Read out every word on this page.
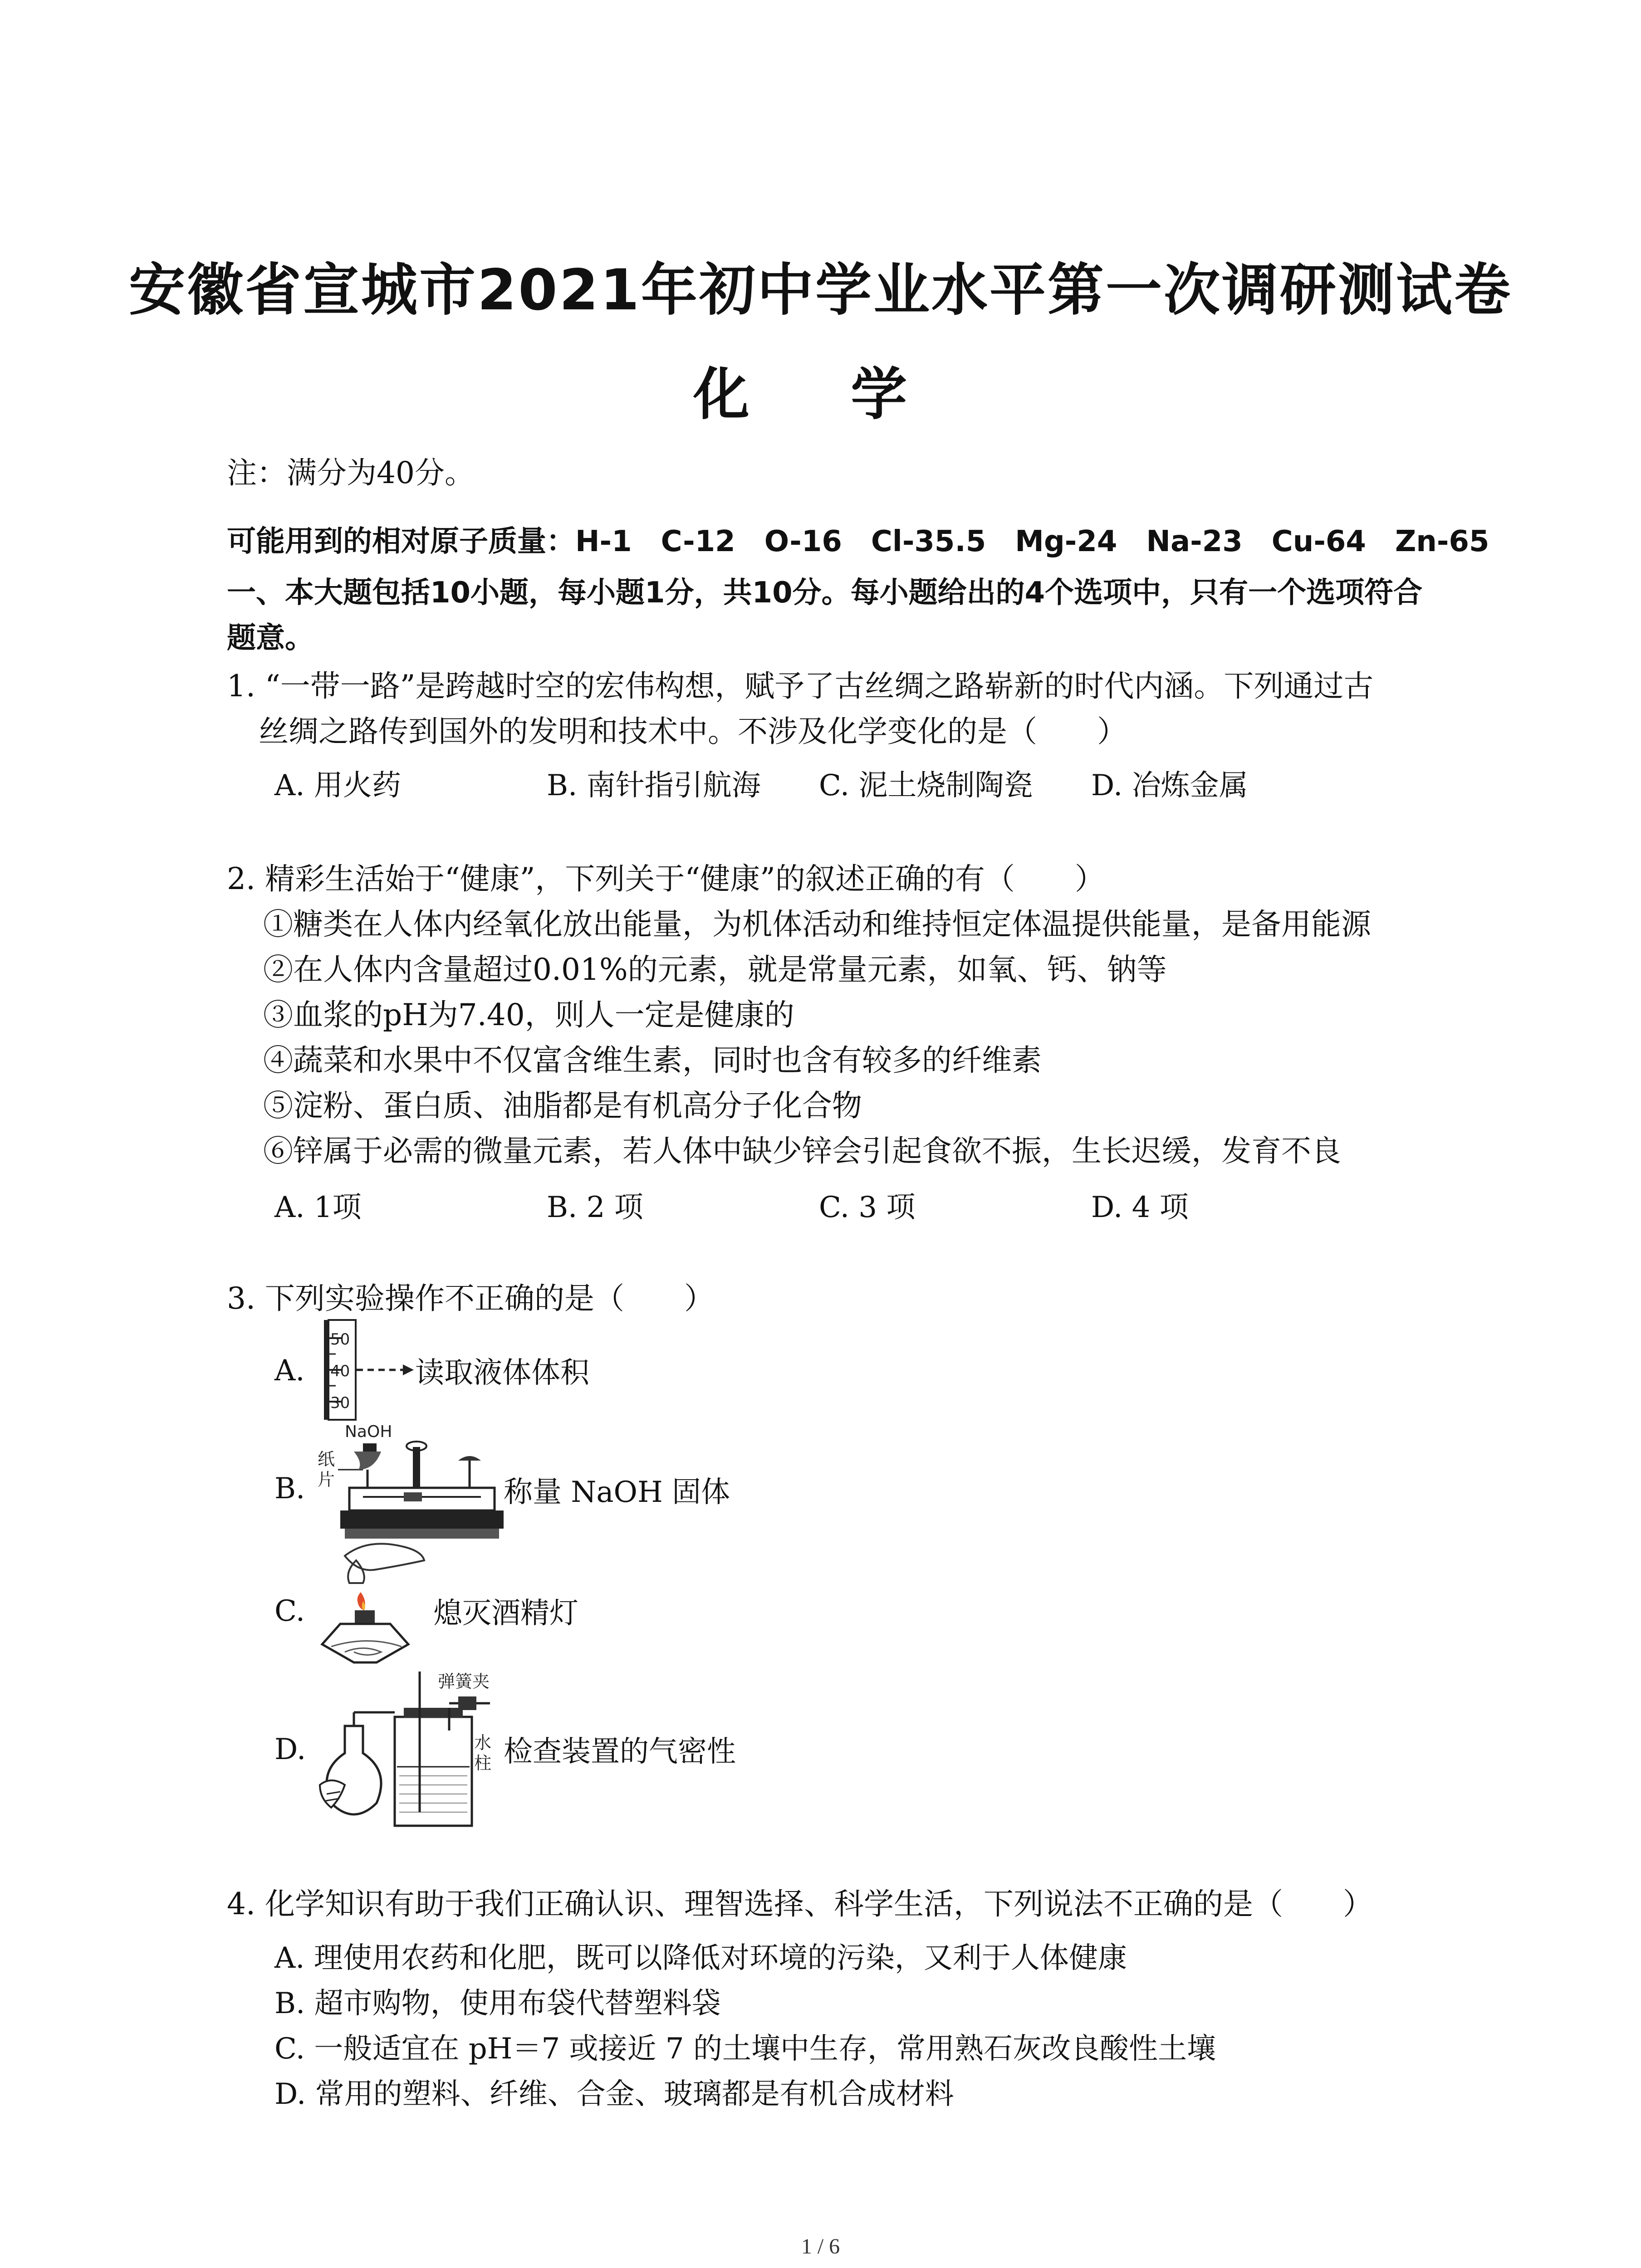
安徽省宣城市2021年初中学业水平第一次调研测试卷
化 学
注：满分为40分。
可能用到的相对原子质量：H-1　C-12　O-16　Cl-35.5　Mg-24　Na-23　Cu-64　Zn-65
一、本大题包括10小题，每小题1分，共10分。每小题给出的4个选项中，只有一个选项符合
题意。
1. “一带一路”是跨越时空的宏伟构想，赋予了古丝绸之路崭新的时代内涵。下列通过古
丝绸之路传到国外的发明和技术中。不涉及化学变化的是（　　）
A. 用火药	B. 南针指引航海 C. 泥土烧制陶瓷 D. 冶炼金属
2. 精彩生活始于“健康”，下列关于“健康”的叙述正确的有（　　）
①糖类在人体内经氧化放出能量，为机体活动和维持恒定体温提供能量，是备用能源
②在人体内含量超过0.01%的元素，就是常量元素，如氧、钙、钠等
③血浆的pH为7.40，则人一定是健康的
④蔬菜和水果中不仅富含维生素，同时也含有较多的纤维素
⑤淀粉、蛋白质、油脂都是有机高分子化合物
⑥锌属于必需的微量元素，若人体中缺少锌会引起食欲不振，生长迟缓，发育不良
A. 1项	B. 2 项	C. 3 项	D. 4 项
3. 下列实验操作不正确的是（　　）
A.
50
40
30
读取液体体积
B.
NaOH
纸
片	称量 NaOH 固体
C.	熄灭酒精灯
D.
弹簧夹
水
柱 检查装置的气密性
4. 化学知识有助于我们正确认识、理智选择、科学生活，下列说法不正确的是（　　）
A. 理使用农药和化肥，既可以降低对环境的污染，又利于人体健康
B. 超市购物，使用布袋代替塑料袋
C. 一般适宜在 pH＝7 或接近 7 的土壤中生存，常用熟石灰改良酸性土壤
D. 常用的塑料、纤维、合金、玻璃都是有机合成材料
1 / 6
